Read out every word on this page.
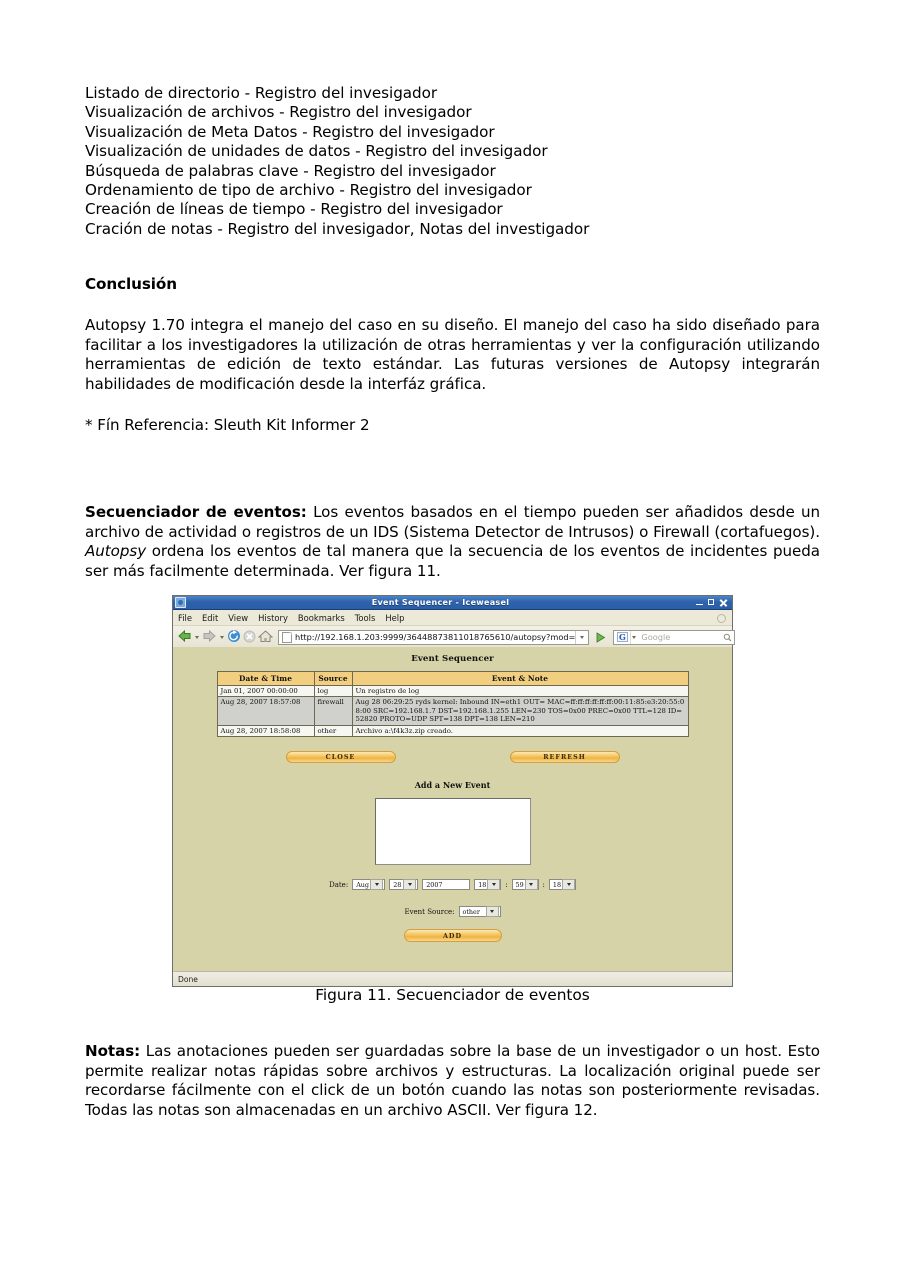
Listado de directorio - Registro del invesigador
Visualización de archivos - Registro del invesigador
Visualización de Meta Datos - Registro del invesigador
Visualización de unidades de datos - Registro del invesigador
Búsqueda de palabras clave - Registro del invesigador
Ordenamiento de tipo de archivo - Registro del invesigador
Creación de líneas de tiempo - Registro del invesigador
Cración de notas - Registro del invesigador, Notas del investigador
Conclusión
Autopsy 1.70 integra el manejo del caso en su diseño. El manejo del caso ha sido diseñado para facilitar a los investigadores la utilización de otras herramientas y ver la configuración utilizando herramientas de edición de texto estándar. Las futuras versiones de Autopsy integrarán habilidades de modificación desde la interfáz gráfica.
* Fín Referencia: Sleuth Kit Informer 2
Secuenciador de eventos: Los eventos basados en el tiempo pueden ser añadidos desde un archivo de actividad o registros de un IDS (Sistema Detector de Intrusos) o Firewall (cortafuegos). Autopsy ordena los eventos de tal manera que la secuencia de los eventos de incidentes pueda ser más facilmente determinada. Ver figura 11.
Event Sequencer - Iceweasel
File	Edit	View	History	Bookmarks	Tools	Help
http://192.168.1.203:9999/36448873811018765610/autopsy?mod=	G	Google
Event Sequencer
Date & Time	Source	Event & Note
Jan 01, 2007 00:00:00	log	Un registro de log
Aug 28, 2007 18:57:08	firewall	Aug 28 06:29:25 ryds kernel: Inbound IN=eth1 OUT= MAC=ff:ff:ff:ff:ff:ff:00:11:85:e3:20:55:08:00 SRC=192.168.1.7 DST=192.168.1.255 LEN=230 TOS=0x00 PREC=0x00 TTL=128 ID=52820 PROTO=UDP SPT=138 DPT=138 LEN=210
Aug 28, 2007 18:58:08	other	Archivo a:\f4k3z.zip creado.
CLOSE	REFRESH
Add a New Event
Date: Aug	28	2007	18	: 59	: 18
Event Source: other
ADD
Done
Figura 11. Secuenciador de eventos
Notas: Las anotaciones pueden ser guardadas sobre la base de un investigador o un host. Esto permite realizar notas rápidas sobre archivos y estructuras. La localización original puede ser recordarse fácilmente con el click de un botón cuando las notas son posteriormente revisadas. Todas las notas son almacenadas en un archivo ASCII. Ver figura 12.
